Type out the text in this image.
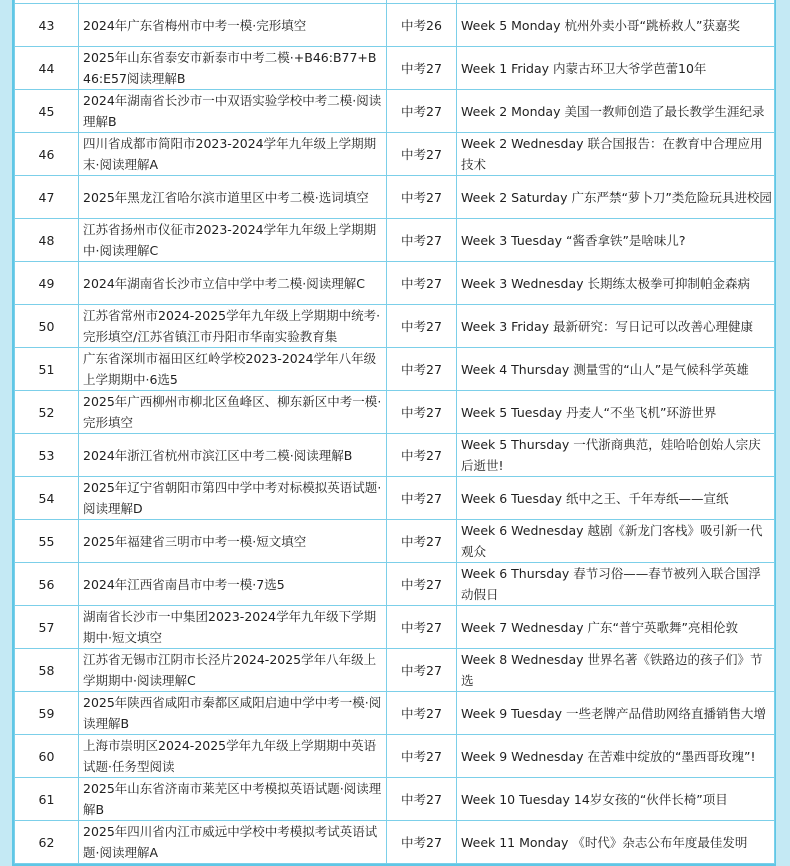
43	2024年广东省梅州市中考一模·完形填空	中考26	Week 5 Monday 杭州外卖小哥“跳桥救人”获嘉奖

44	2025年山东省泰安市新泰市中考二模·+B46:B77+B46:E57阅读理解B	中考27	Week 1 Friday 内蒙古环卫大爷学芭蕾10年

45	2024年湖南省长沙市一中双语实验学校中考二模·阅读理解B	中考27	Week 2 Monday 美国一教师创造了最长教学生涯纪录

46	四川省成都市简阳市2023-2024学年九年级上学期期末·阅读理解A	中考27	Week 2 Wednesday 联合国报告：在教育中合理应用技术

47	2025年黑龙江省哈尔滨市道里区中考二模·选词填空	中考27	Week 2 Saturday 广东严禁“萝卜刀”类危险玩具进校园

48	江苏省扬州市仪征市2023-2024学年九年级上学期期中·阅读理解C	中考27	Week 3 Tuesday “酱香拿铁”是啥味儿?

49	2024年湖南省长沙市立信中学中考二模·阅读理解C	中考27	Week 3 Wednesday 长期练太极拳可抑制帕金森病

50	江苏省常州市2024-2025学年九年级上学期期中统考·完形填空/江苏省镇江市丹阳市华南实验教育集	中考27	Week 3 Friday 最新研究：写日记可以改善心理健康

51	广东省深圳市福田区红岭学校2023-2024学年八年级上学期期中·6选5	中考27	Week 4 Thursday 测量雪的“山人”是气候科学英雄

52	2025年广西柳州市柳北区鱼峰区、柳东新区中考一模·完形填空	中考27	Week 5 Tuesday 丹麦人“不坐飞机”环游世界

53	2024年浙江省杭州市滨江区中考二模·阅读理解B	中考27	Week 5 Thursday 一代浙商典范，娃哈哈创始人宗庆后逝世!

54	2025年辽宁省朝阳市第四中学中考对标模拟英语试题·阅读理解D	中考27	Week 6 Tuesday 纸中之王、千年寿纸——宣纸

55	2025年福建省三明市中考一模·短文填空	中考27	Week 6 Wednesday 越剧《新龙门客栈》吸引新一代观众

56	2024年江西省南昌市中考一模·7选5	中考27	Week 6 Thursday 春节习俗——春节被列入联合国浮动假日

57	湖南省长沙市一中集团2023-2024学年九年级下学期期中·短文填空	中考27	Week 7 Wednesday 广东“普宁英歌舞”亮相伦敦

58	江苏省无锡市江阴市长泾片2024-2025学年八年级上学期期中·阅读理解C	中考27	Week 8 Wednesday 世界名著《铁路边的孩子们》节选

59	2025年陕西省咸阳市秦都区咸阳启迪中学中考一模·阅读理解B	中考27	Week 9 Tuesday 一些老牌产品借助网络直播销售大增

60	上海市崇明区2024-2025学年九年级上学期期中英语试题·任务型阅读	中考27	Week 9 Wednesday 在苦难中绽放的“墨西哥玫瑰”!

61	2025年山东省济南市莱芜区中考模拟英语试题·阅读理解B	中考27	Week 10 Tuesday 14岁女孩的“伙伴长椅”项目

62	2025年四川省内江市威远中学校中考模拟考试英语试题·阅读理解A	中考27	Week 11 Monday 《时代》杂志公布年度最佳发明
